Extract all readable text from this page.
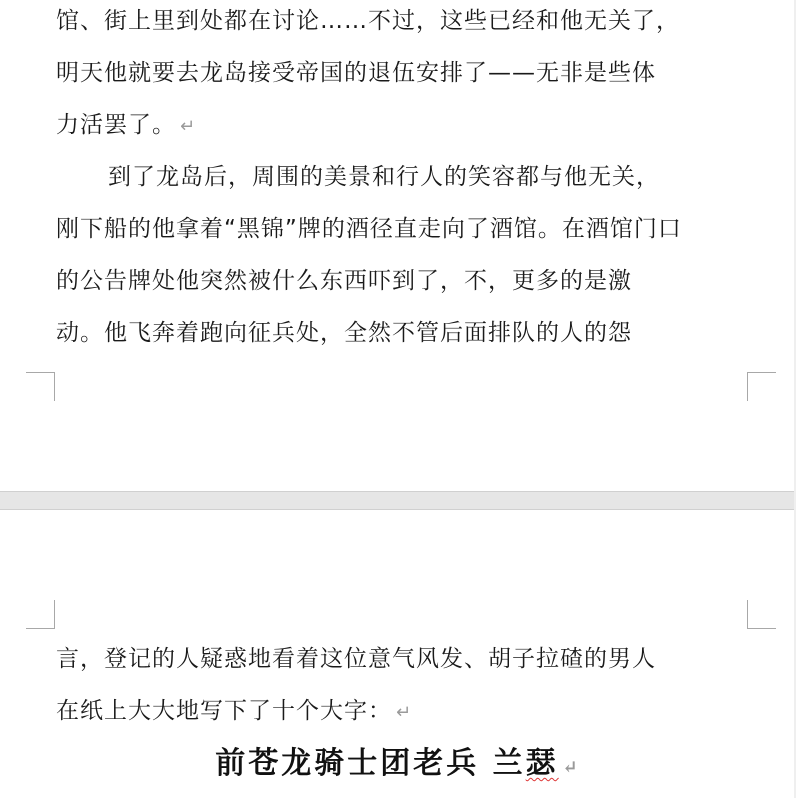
馆、街上里到处都在讨论……不过，这些已经和他无关了，
明天他就要去龙岛接受帝国的退伍安排了——无非是些体
力活罢了。 ↵
到了龙岛后，周围的美景和行人的笑容都与他无关，
刚下船的他拿着“黑锦”牌的酒径直走向了酒馆。在酒馆门口
的公告牌处他突然被什么东西吓到了，不，更多的是激
动。他飞奔着跑向征兵处，全然不管后面排队的人的怨
言，登记的人疑惑地看着这位意气风发、胡子拉碴的男人
在纸上大大地写下了十个大字： ↵
前苍龙骑士团老兵 兰瑟 ↵
